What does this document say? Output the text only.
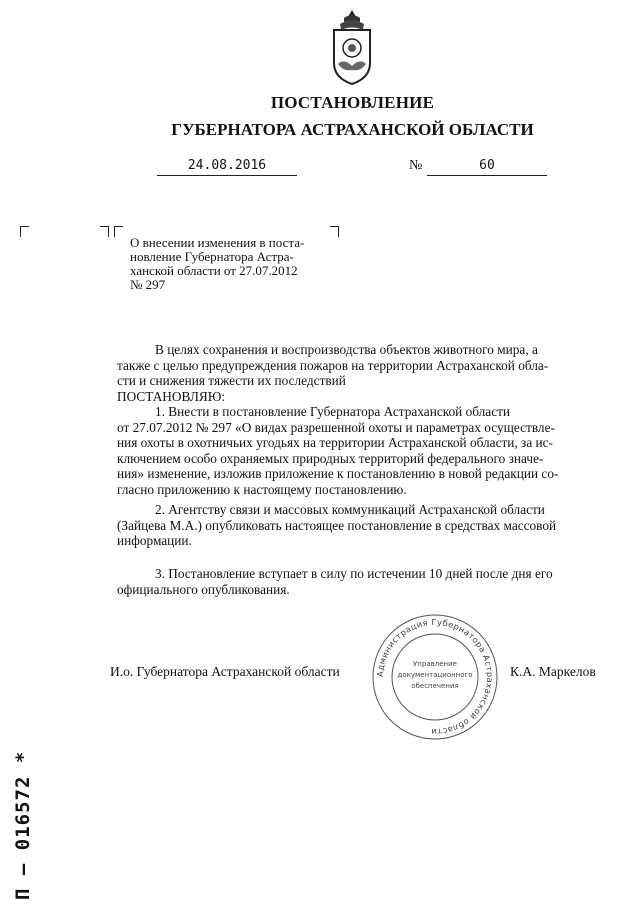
ПОСТАНОВЛЕНИЕ
ГУБЕРНАТОРА АСТРАХАНСКОЙ ОБЛАСТИ
24.08.2016	№	60
О внесении изменения в поста-
новление Губернатора Астра-
ханской области от 27.07.2012
№ 297
В целях сохранения и воспроизводства объектов животного мира, а
также с целью предупреждения пожаров на территории Астраханской обла-
сти и снижения тяжести их последствий
ПОСТАНОВЛЯЮ:
1. Внести в постановление Губернатора Астраханской области
от 27.07.2012 № 297 «О видах разрешенной охоты и параметрах осуществле-
ния охоты в охотничьих угодьях на территории Астраханской области, за ис-
ключением особо охраняемых природных территорий федерального значе-
ния» изменение, изложив приложение к постановлению в новой редакции со-
гласно приложению к настоящему постановлению.
2. Агентству связи и массовых коммуникаций Астраханской области
(Зайцева М.А.) опубликовать настоящее постановление в средствах массовой
информации.
3. Постановление вступает в силу по истечении 10 дней после дня его
официального опубликования.
Администрация Губернатора Астраханской области
Управление
документационного
обеспечения
И.о. Губернатора Астраханской области	К.А. Маркелов
П – 016572 *
